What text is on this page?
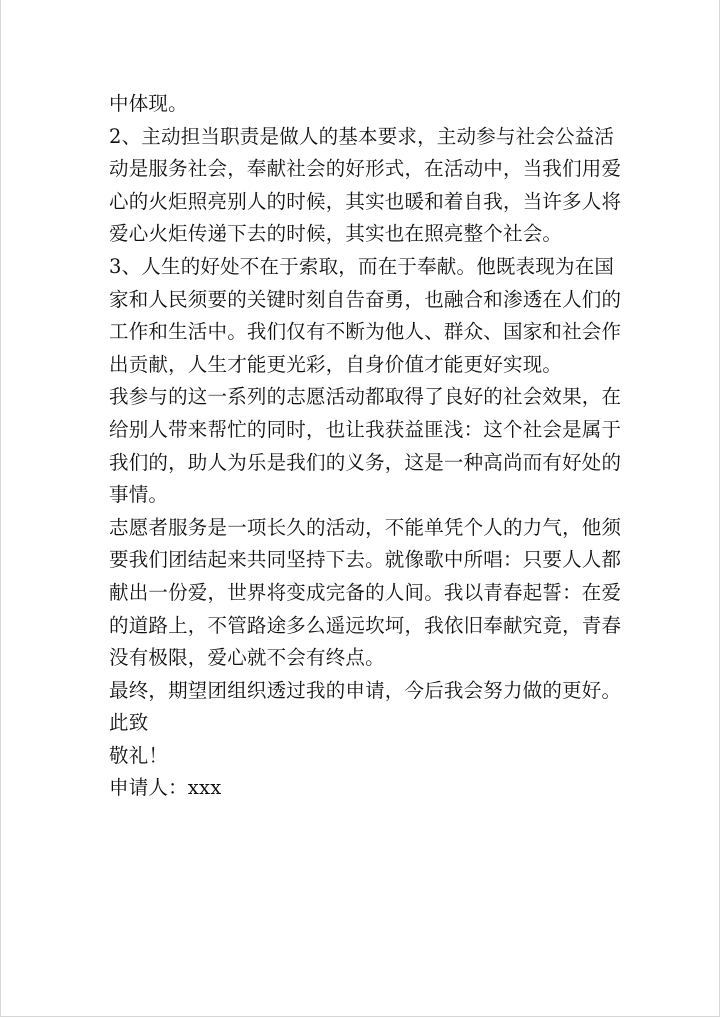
中体现。
2、主动担当职责是做人的基本要求，主动参与社会公益活
动是服务社会，奉献社会的好形式，在活动中，当我们用爱
心的火炬照亮别人的时候，其实也暖和着自我，当许多人将
爱心火炬传递下去的时候，其实也在照亮整个社会。
3、人生的好处不在于索取，而在于奉献。他既表现为在国
家和人民须要的关键时刻自告奋勇，也融合和渗透在人们的
工作和生活中。我们仅有不断为他人、群众、国家和社会作
出贡献，人生才能更光彩，自身价值才能更好实现。
我参与的这一系列的志愿活动都取得了良好的社会效果，在
给别人带来帮忙的同时，也让我获益匪浅：这个社会是属于
我们的，助人为乐是我们的义务，这是一种高尚而有好处的
事情。
志愿者服务是一项长久的活动，不能单凭个人的力气，他须
要我们团结起来共同坚持下去。就像歌中所唱：只要人人都
献出一份爱，世界将变成完备的人间。我以青春起誓：在爱
的道路上，不管路途多么遥远坎坷，我依旧奉献究竟，青春
没有极限，爱心就不会有终点。
最终，期望团组织透过我的申请，今后我会努力做的更好。
此致
敬礼！
申请人：xxx
